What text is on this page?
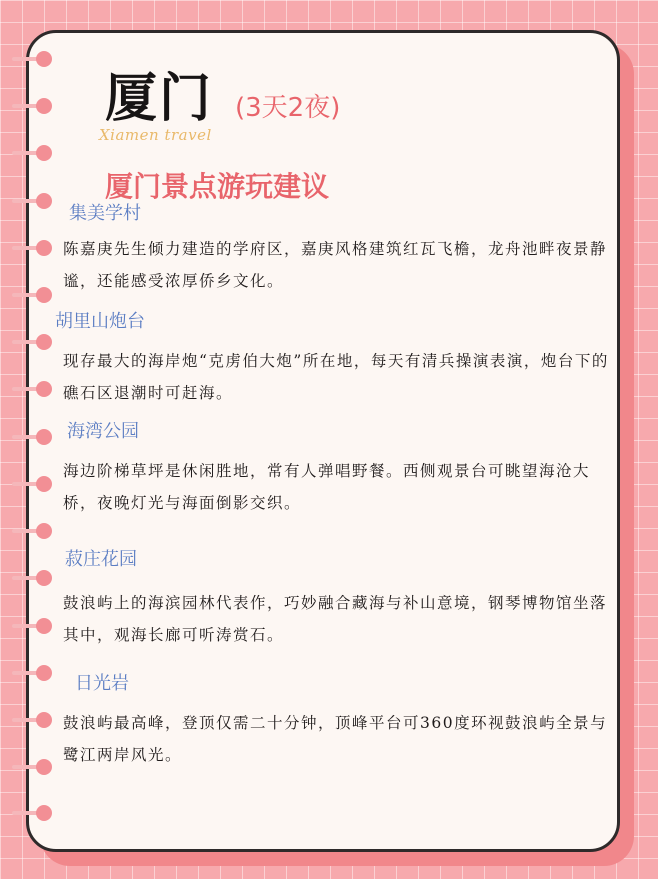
厦门 (3天2夜)
Xiamen travel
厦门景点游玩建议
集美学村

陈嘉庚先生倾力建造的学府区，嘉庚风格建筑红瓦飞檐，龙舟池畔夜景静谧，还能感受浓厚侨乡文化。

胡里山炮台

现存最大的海岸炮“克虏伯大炮”所在地，每天有清兵操演表演，炮台下的礁石区退潮时可赶海。

海湾公园

海边阶梯草坪是休闲胜地，常有人弹唱野餐。西侧观景台可眺望海沧大桥，夜晚灯光与海面倒影交织。

菽庄花园

鼓浪屿上的海滨园林代表作，巧妙融合藏海与补山意境，钢琴博物馆坐落其中，观海长廊可听涛赏石。

日光岩

鼓浪屿最高峰，登顶仅需二十分钟，顶峰平台可360度环视鼓浪屿全景与鹭江两岸风光。
